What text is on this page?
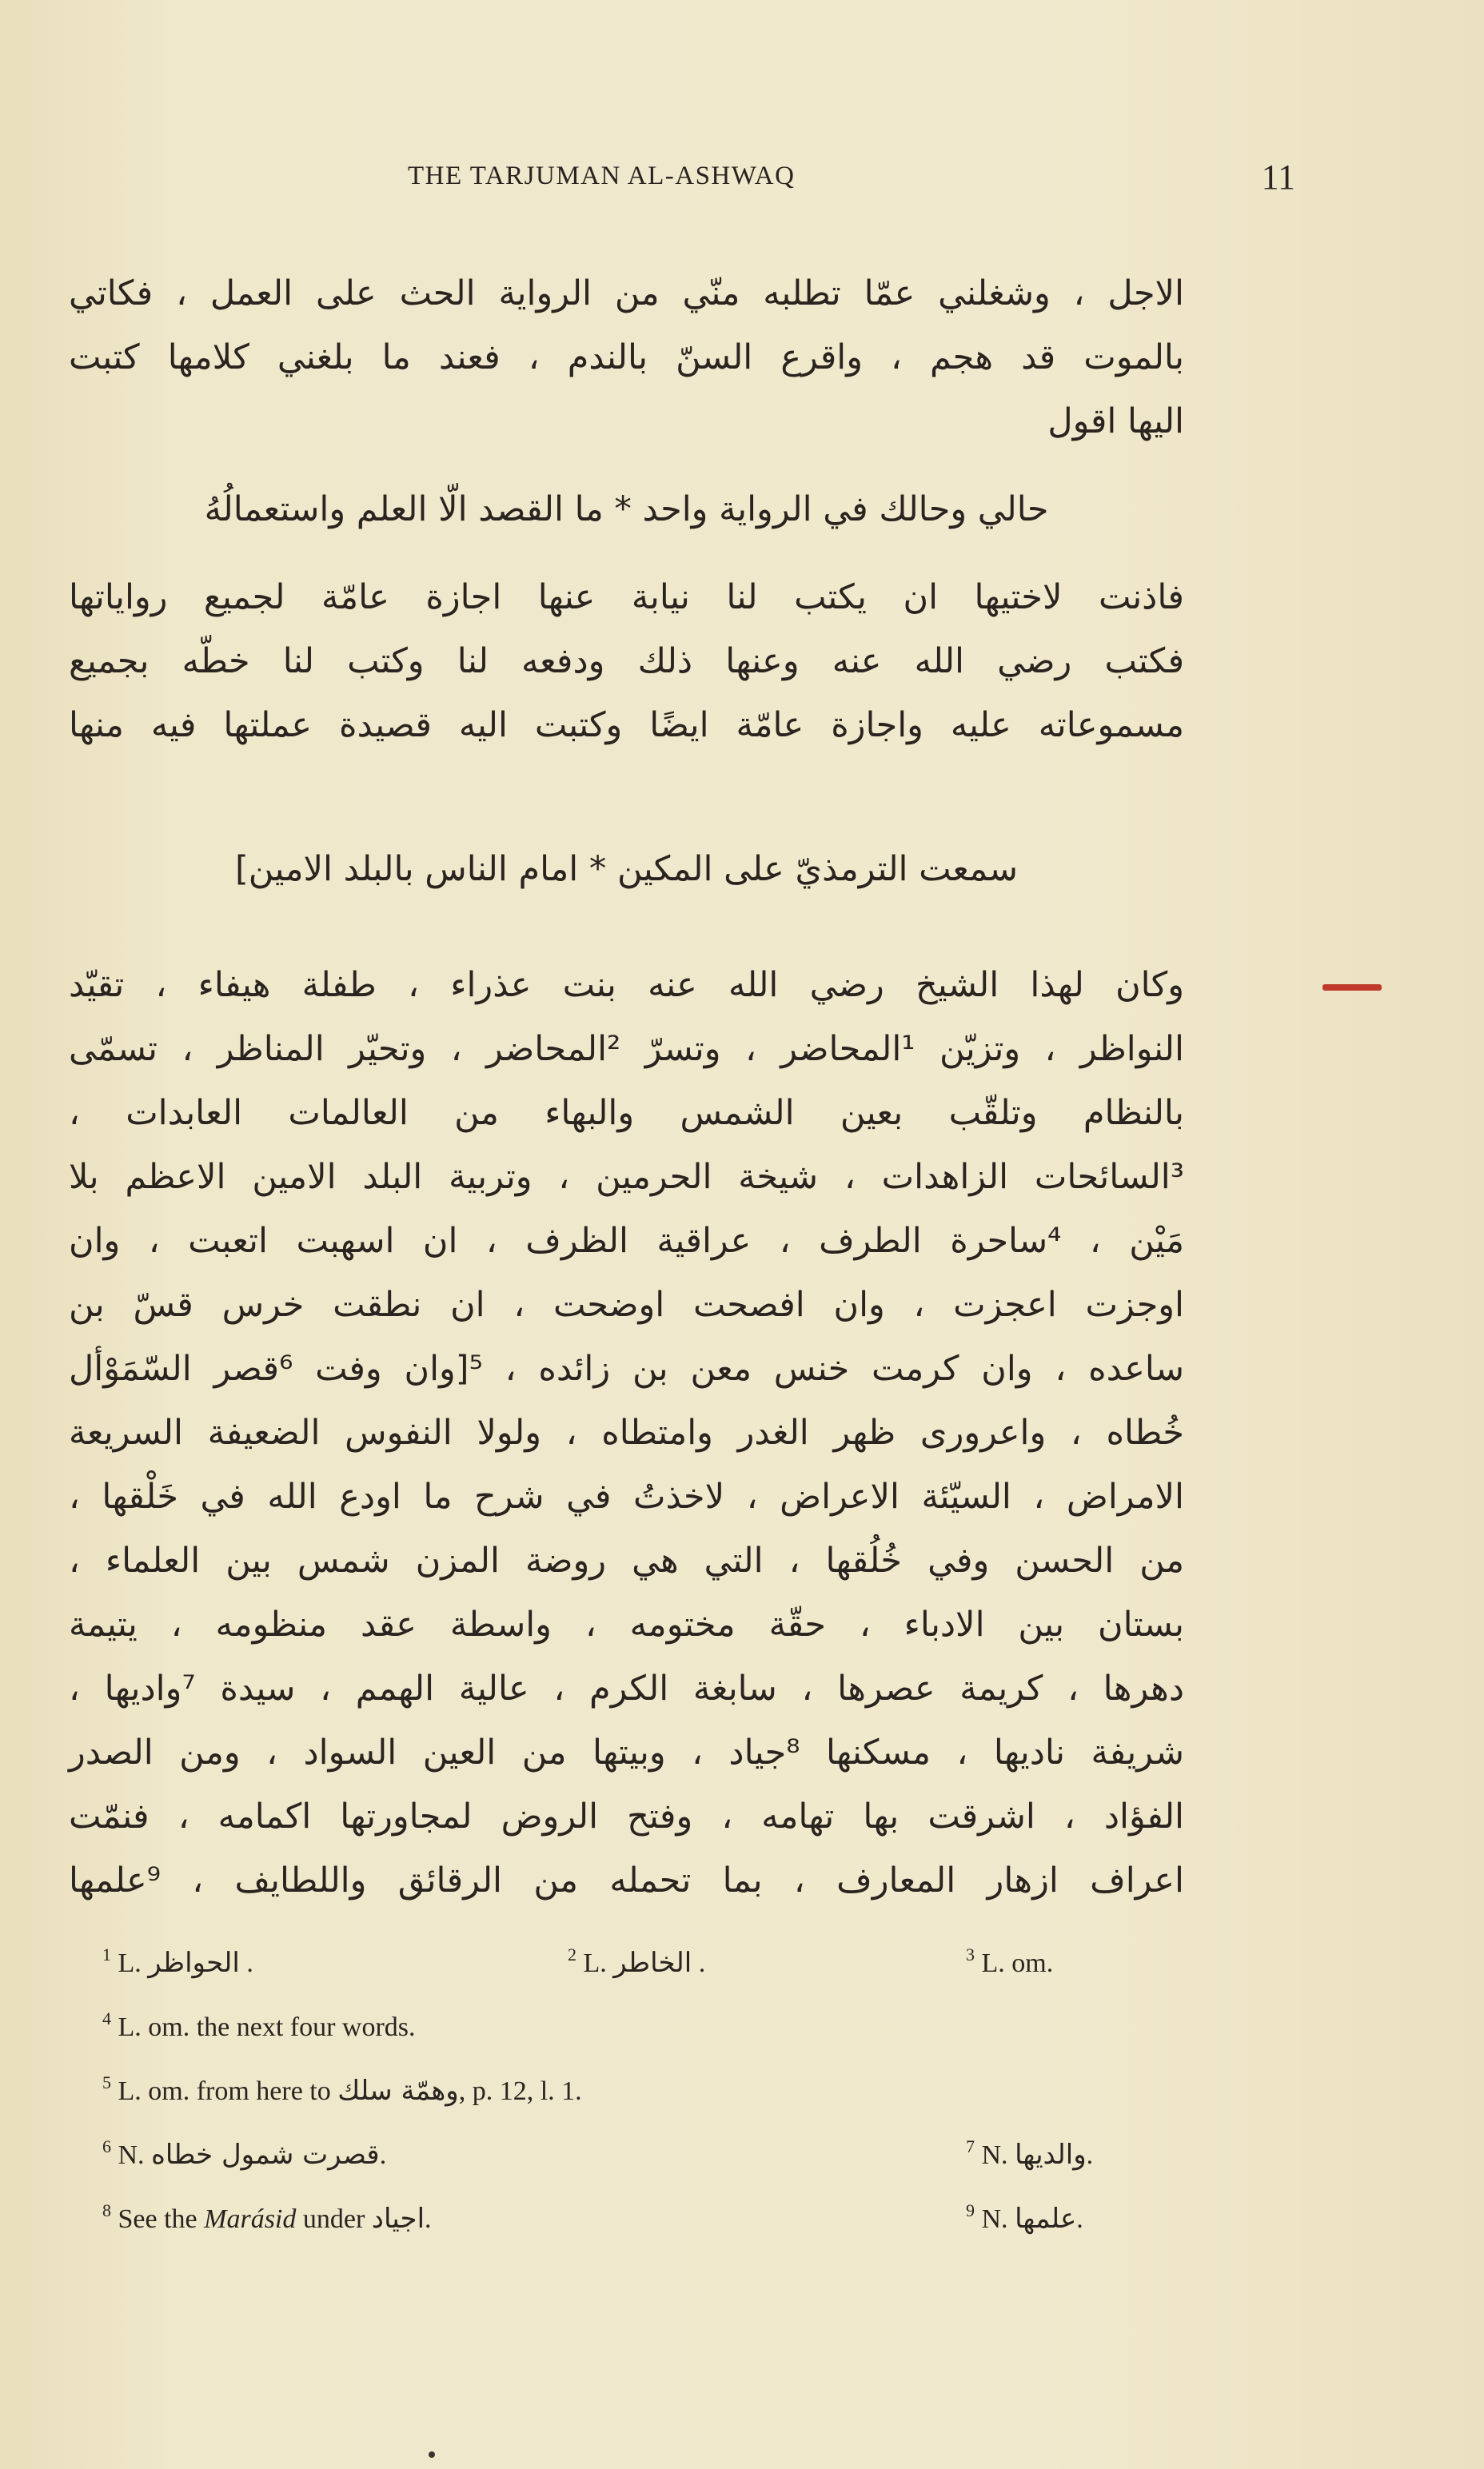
THE TARJUMAN AL-ASHWAQ	11
الاجل ، وشغلني عمّا تطلبه منّي من الرواية الحث على العمل ، فكاتي
بالموت قد هجم ، واقرع السنّ بالندم ، فعند ما بلغني كلامها كتبت
اليها اقول
حالي وحالك في الرواية واحد * ما القصد الّا العلم واستعمالُهُ
فاذنت لاختيها ان يكتب لنا نيابة عنها اجازة عامّة لجميع رواياتها
فكتب رضي الله عنه وعنها ذلك ودفعه لنا وكتب لنا خطّه بجميع
مسموعاته عليه واجازة عامّة ايضًا وكتبت اليه قصيدة عملتها فيه منها
سمعت الترمذيّ على المكين * امام الناس بالبلد الامين]
وكان لهذا الشيخ رضي الله عنه بنت عذراء ، طفلة هيفاء ، تقيّد
النواظر ، وتزيّن ¹المحاضر ، وتسرّ ²المحاضر ، وتحيّر المناظر ، تسمّى
بالنظام وتلقّب بعين الشمس والبهاء من العالمات العابدات ،
³السائحات الزاهدات ، شيخة الحرمين ، وتربية البلد الامين الاعظم بلا
مَيْن ، ⁴ساحرة الطرف ، عراقية الظرف ، ان اسهبت اتعبت ، وان
اوجزت اعجزت ، وان افصحت اوضحت ، ان نطقت خرس قسّ بن
ساعده ، وان كرمت خنس معن بن زائده ، ⁵[وان وفت ⁶قصر السّمَوْأل
خُطاه ، واعرورى ظهر الغدر وامتطاه ، ولولا النفوس الضعيفة السريعة
الامراض ، السيّئة الاعراض ، لاخذتُ في شرح ما اودع الله في خَلْقها ،
من الحسن وفي خُلُقها ، التي هي روضة المزن شمس بين العلماء ،
بستان بين الادباء ، حقّة مختومه ، واسطة عقد منظومه ، يتيمة
دهرها ، كريمة عصرها ، سابغة الكرم ، عالية الهمم ، سيدة ⁷واديها ،
شريفة ناديها ، مسكنها ⁸جياد ، وبيتها من العين السواد ، ومن الصدر
الفؤاد ، اشرقت بها تهامه ، وفتح الروض لمجاورتها اكمامه ، فنمّت
اعراف ازهار المعارف ، بما تحمله من الرقائق واللطايف ، ⁹علمها
$^1$ L. الحواظر .	$^2$ L. الخاطر .	$^3$ L. om.
$^4$ L. om. the next four words.
$^5$ L. om. from here to وهمّة سلك, p. 12, l. 1.
$^6$ N. قصرت شمول خطاه.	$^7$ N. والديها.
$^8$ See the Marásid under اجياد.	$^9$ N. علمها.
